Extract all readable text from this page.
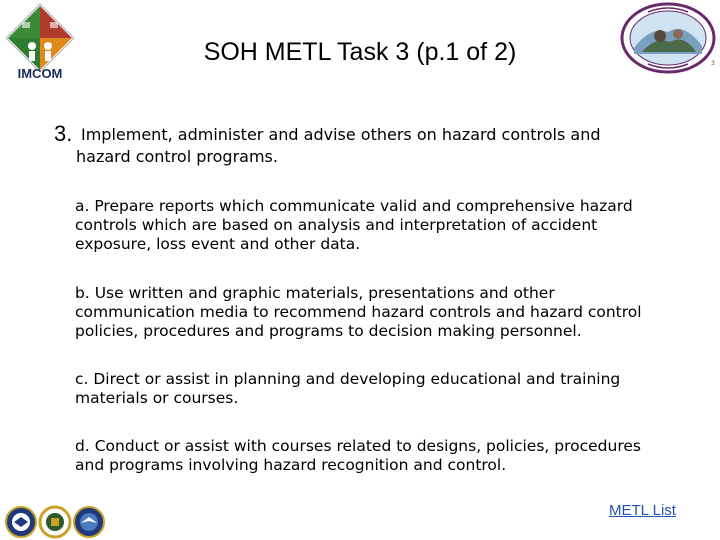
IMCOM
3
SOH METL Task 3 (p.1 of 2)
3. Implement, administer and advise others on hazard controls and hazard control programs.
a. Prepare reports which communicate valid and comprehensive hazard controls which are based on analysis and interpretation of accident exposure, loss event and other data.
b. Use written and graphic materials, presentations and other communication media to recommend hazard controls and hazard control policies, procedures and programs to decision making personnel.
c. Direct or assist in planning and developing educational and training materials or courses.
d. Conduct or assist with courses related to designs, policies, procedures and programs involving hazard recognition and control.
METL List
